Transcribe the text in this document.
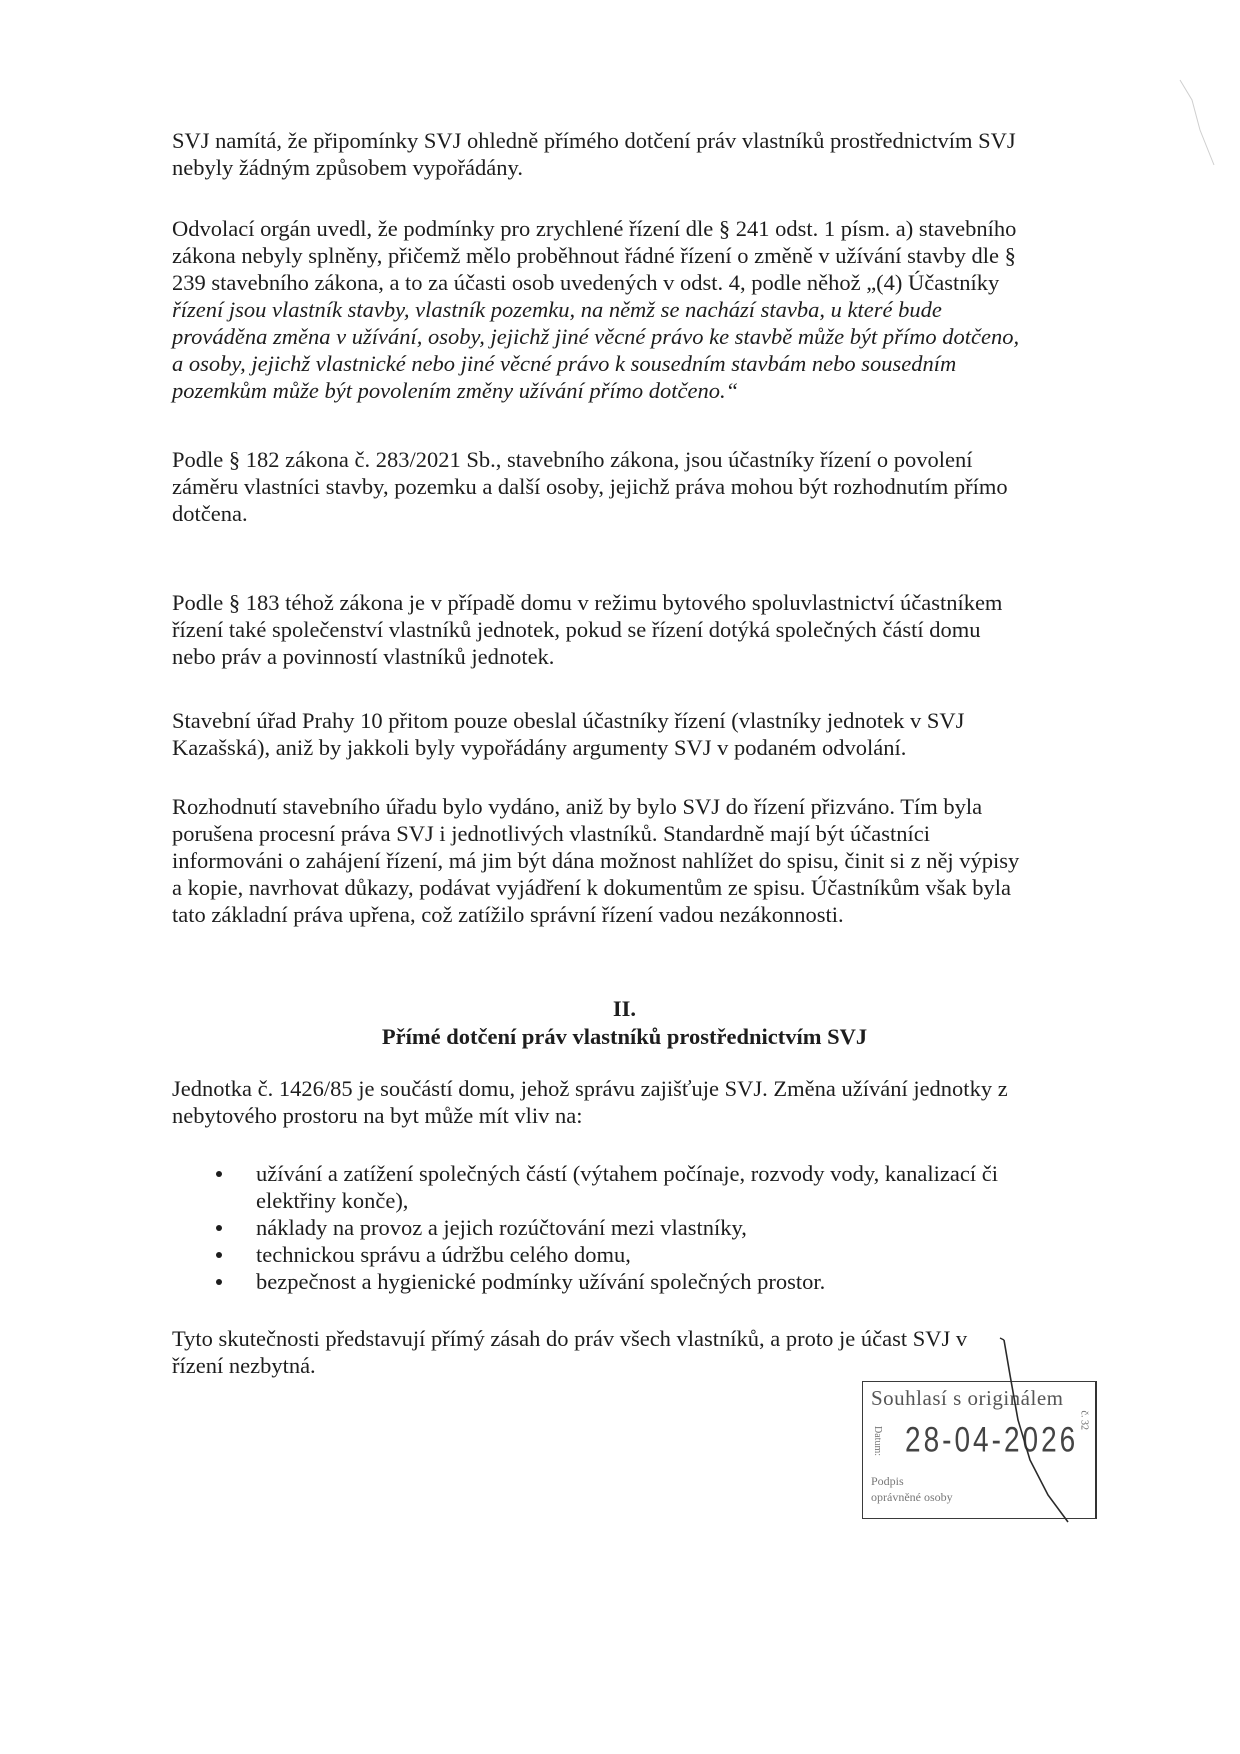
SVJ namítá, že připomínky SVJ ohledně přímého dotčení práv vlastníků prostřednictvím SVJ
nebyly žádným způsobem vypořádány.
Odvolací orgán uvedl, že podmínky pro zrychlené řízení dle § 241 odst. 1 písm. a) stavebního
zákona nebyly splněny, přičemž mělo proběhnout řádné řízení o změně v užívání stavby dle §
239 stavebního zákona, a to za účasti osob uvedených v odst. 4, podle něhož „(4) Účastníky
řízení jsou vlastník stavby, vlastník pozemku, na němž se nachází stavba, u které bude
prováděna změna v užívání, osoby, jejichž jiné věcné právo ke stavbě může být přímo dotčeno,
a osoby, jejichž vlastnické nebo jiné věcné právo k sousedním stavbám nebo sousedním
pozemkům může být povolením změny užívání přímo dotčeno.“
Podle § 182 zákona č. 283/2021 Sb., stavebního zákona, jsou účastníky řízení o povolení
záměru vlastníci stavby, pozemku a další osoby, jejichž práva mohou být rozhodnutím přímo
dotčena.
Podle § 183 téhož zákona je v případě domu v režimu bytového spoluvlastnictví účastníkem
řízení také společenství vlastníků jednotek, pokud se řízení dotýká společných částí domu
nebo práv a povinností vlastníků jednotek.
Stavební úřad Prahy 10 přitom pouze obeslal účastníky řízení (vlastníky jednotek v SVJ
Kazašská), aniž by jakkoli byly vypořádány argumenty SVJ v podaném odvolání.
Rozhodnutí stavebního úřadu bylo vydáno, aniž by bylo SVJ do řízení přizváno. Tím byla
porušena procesní práva SVJ i jednotlivých vlastníků. Standardně mají být účastníci
informováni o zahájení řízení, má jim být dána možnost nahlížet do spisu, činit si z něj výpisy
a kopie, navrhovat důkazy, podávat vyjádření k dokumentům ze spisu. Účastníkům však byla
tato základní práva upřena, což zatížilo správní řízení vadou nezákonnosti.
II.
Přímé dotčení práv vlastníků prostřednictvím SVJ
Jednotka č. 1426/85 je součástí domu, jehož správu zajišťuje SVJ. Změna užívání jednotky z
nebytového prostoru na byt může mít vliv na:
užívání a zatížení společných částí (výtahem počínaje, rozvody vody, kanalizací či
elektřiny konče),
náklady na provoz a jejich rozúčtování mezi vlastníky,
technickou správu a údržbu celého domu,
bezpečnost a hygienické podmínky užívání společných prostor.
Tyto skutečnosti představují přímý zásah do práv všech vlastníků, a proto je účast SVJ v
řízení nezbytná.
Souhlasí s originálem
Datum: 28-04-2026 č. 32
Podpis
oprávněné osoby
